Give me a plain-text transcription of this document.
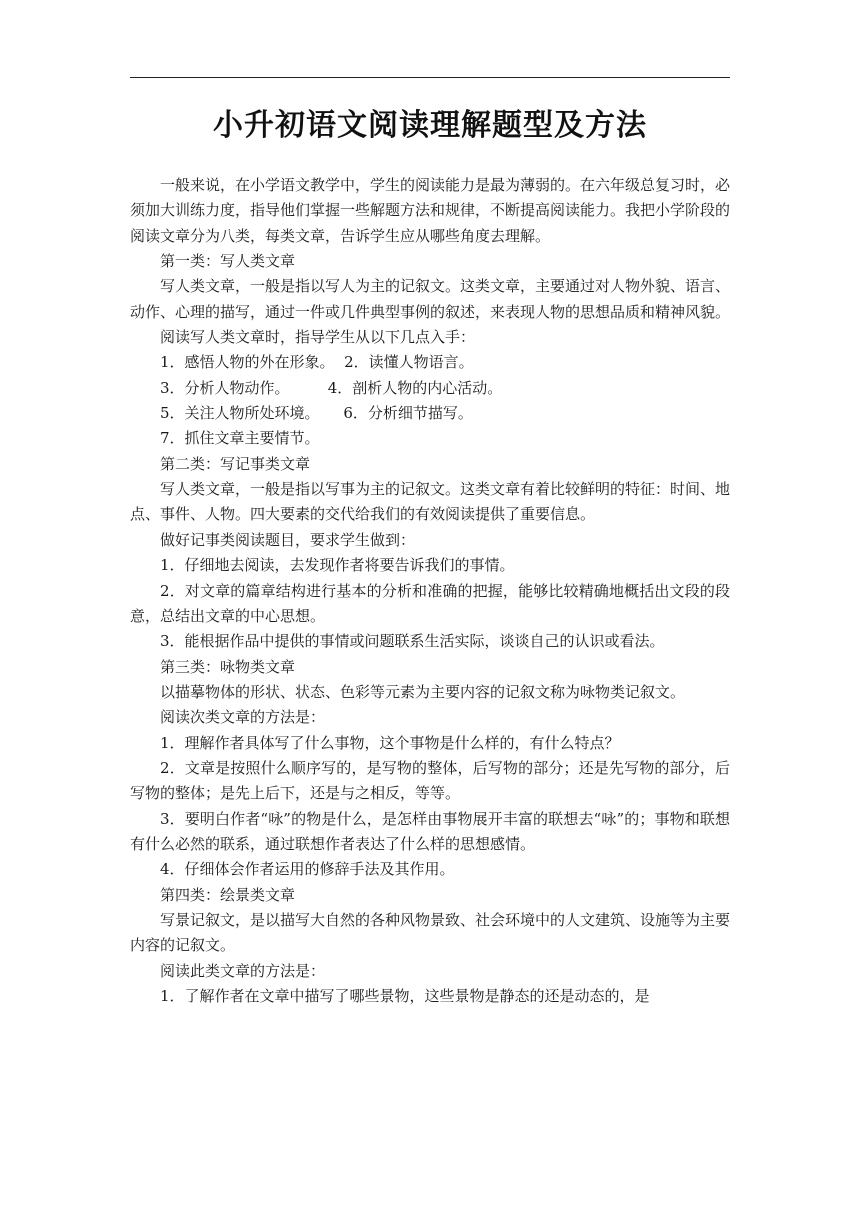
小升初语文阅读理解题型及方法

一般来说，在小学语文教学中，学生的阅读能力是最为薄弱的。在六年级总复习时，必须加大训练力度，指导他们掌握一些解题方法和规律，不断提高阅读能力。我把小学阶段的阅读文章分为八类，每类文章，告诉学生应从哪些角度去理解。

第一类：写人类文章

写人类文章，一般是指以写人为主的记叙文。这类文章，主要通过对人物外貌、语言、动作、心理的描写，通过一件或几件典型事例的叙述，来表现人物的思想品质和精神风貌。

阅读写人类文章时，指导学生从以下几点入手：

1．感悟人物的外在形象。  2．读懂人物语言。

3．分析人物动作。        4．剖析人物的内心活动。

5．关注人物所处环境。     6．分析细节描写。

7．抓住文章主要情节。

第二类：写记事类文章

写人类文章，一般是指以写事为主的记叙文。这类文章有着比较鲜明的特征：时间、地点、事件、人物。四大要素的交代给我们的有效阅读提供了重要信息。

做好记事类阅读题目，要求学生做到：

1．仔细地去阅读，去发现作者将要告诉我们的事情。

2．对文章的篇章结构进行基本的分析和准确的把握，能够比较精确地概括出文段的段意，总结出文章的中心思想。

3．能根据作品中提供的事情或问题联系生活实际，谈谈自己的认识或看法。

第三类：咏物类文章

以描摹物体的形状、状态、色彩等元素为主要内容的记叙文称为咏物类记叙文。

阅读次类文章的方法是：

1．理解作者具体写了什么事物，这个事物是什么样的，有什么特点？

2．文章是按照什么顺序写的，是写物的整体，后写物的部分；还是先写物的部分，后写物的整体；是先上后下，还是与之相反，等等。

3．要明白作者“咏”的物是什么，是怎样由事物展开丰富的联想去“咏”的；事物和联想有什么必然的联系，通过联想作者表达了什么样的思想感情。

4．仔细体会作者运用的修辞手法及其作用。

第四类：绘景类文章

写景记叙文，是以描写大自然的各种风物景致、社会环境中的人文建筑、设施等为主要内容的记叙文。

阅读此类文章的方法是：

1．了解作者在文章中描写了哪些景物，这些景物是静态的还是动态的，是
